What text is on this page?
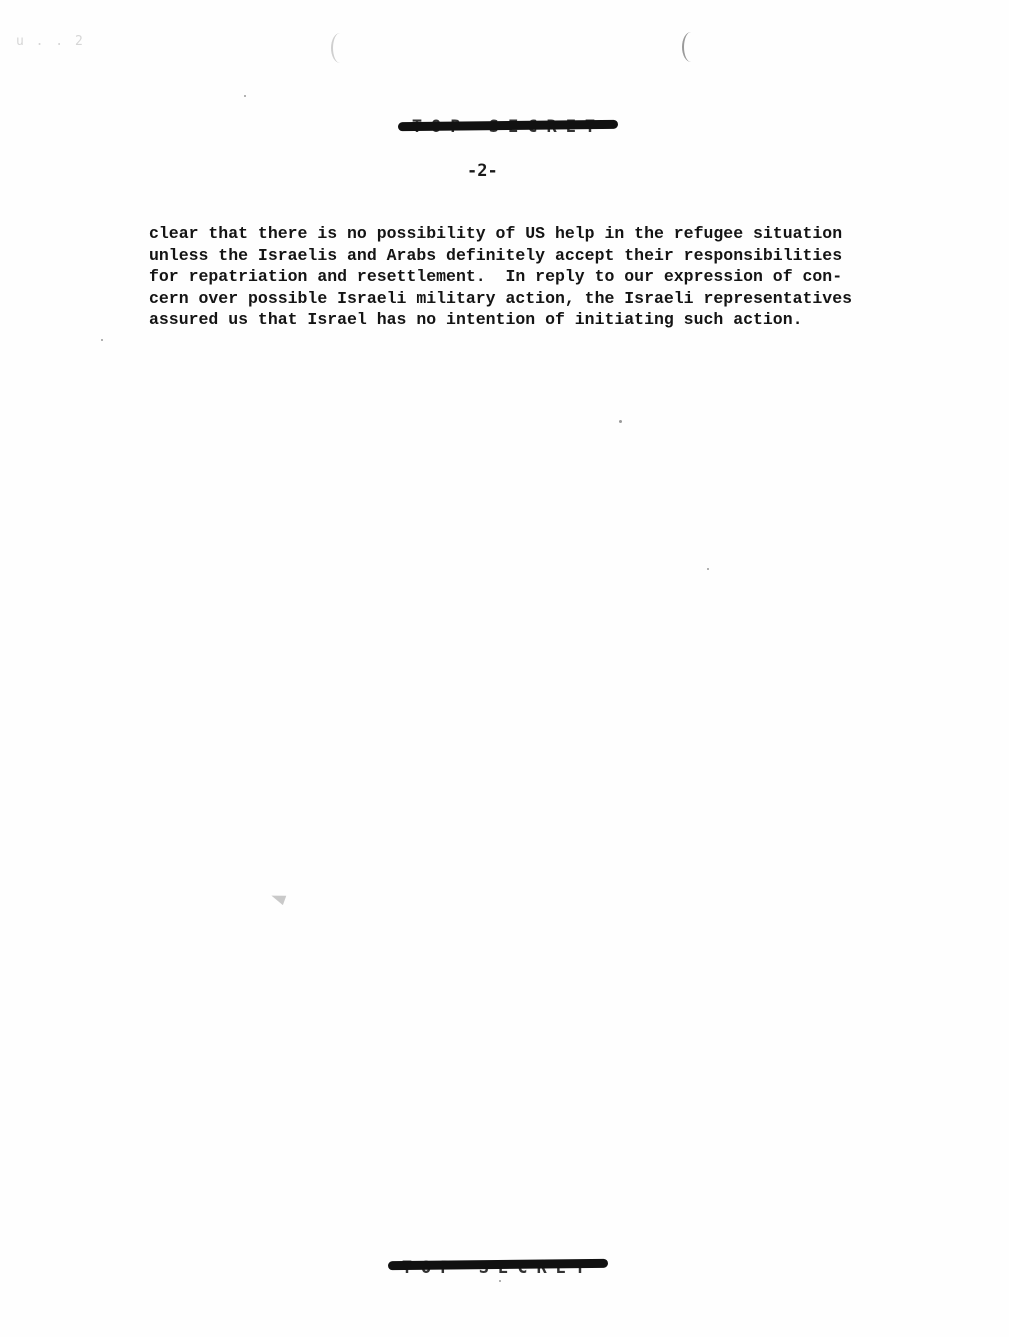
u . . 2
-2-
clear that there is no possibility of US help in the refugee situation
unless the Israelis and Arabs definitely accept their responsibilities
for repatriation and resettlement.  In reply to our expression of con-
cern over possible Israeli military action, the Israeli representatives
assured us that Israel has no intention of initiating such action.
